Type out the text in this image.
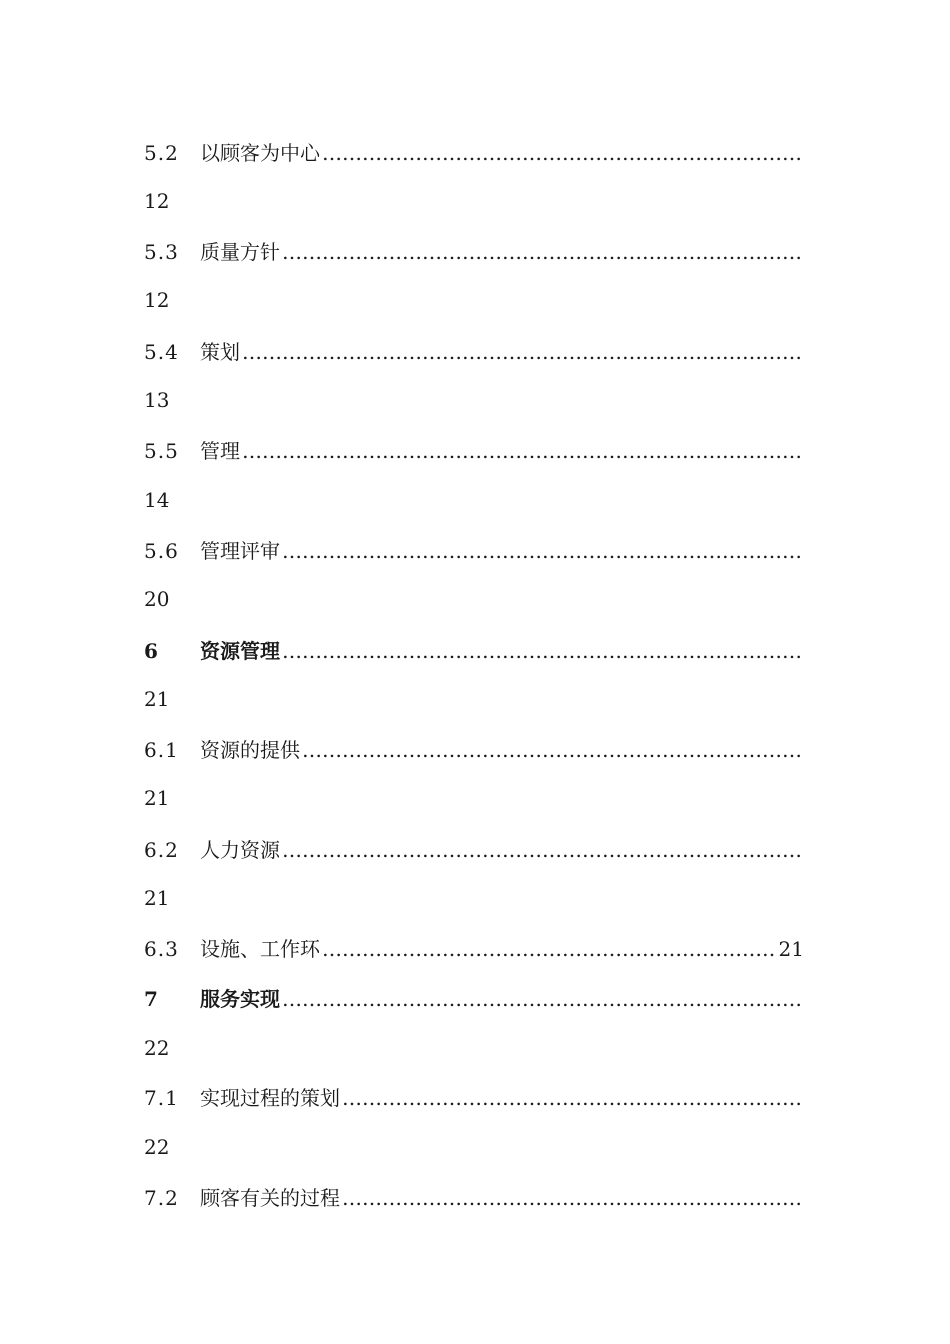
5.2	以顾客为中心
………………………………………………………………………………………………………………………………………………………………………………………
12
5.3	质量方针
………………………………………………………………………………………………………………………………………………………………………………………
12
5.4	策划
………………………………………………………………………………………………………………………………………………………………………………………
13
5.5	管理
………………………………………………………………………………………………………………………………………………………………………………………
14
5.6	管理评审
………………………………………………………………………………………………………………………………………………………………………………………
20
6	资源管理
………………………………………………………………………………………………………………………………………………………………………………………
21
6.1	资源的提供
………………………………………………………………………………………………………………………………………………………………………………………
21
6.2	人力资源
………………………………………………………………………………………………………………………………………………………………………………………
21
6.3	设施、工作环
………………………………………………………………………………………………………………………………………………………………………………………	21
7	服务实现
………………………………………………………………………………………………………………………………………………………………………………………
22
7.1	实现过程的策划
………………………………………………………………………………………………………………………………………………………………………………………
22
7.2	顾客有关的过程
………………………………………………………………………………………………………………………………………………………………………………………
